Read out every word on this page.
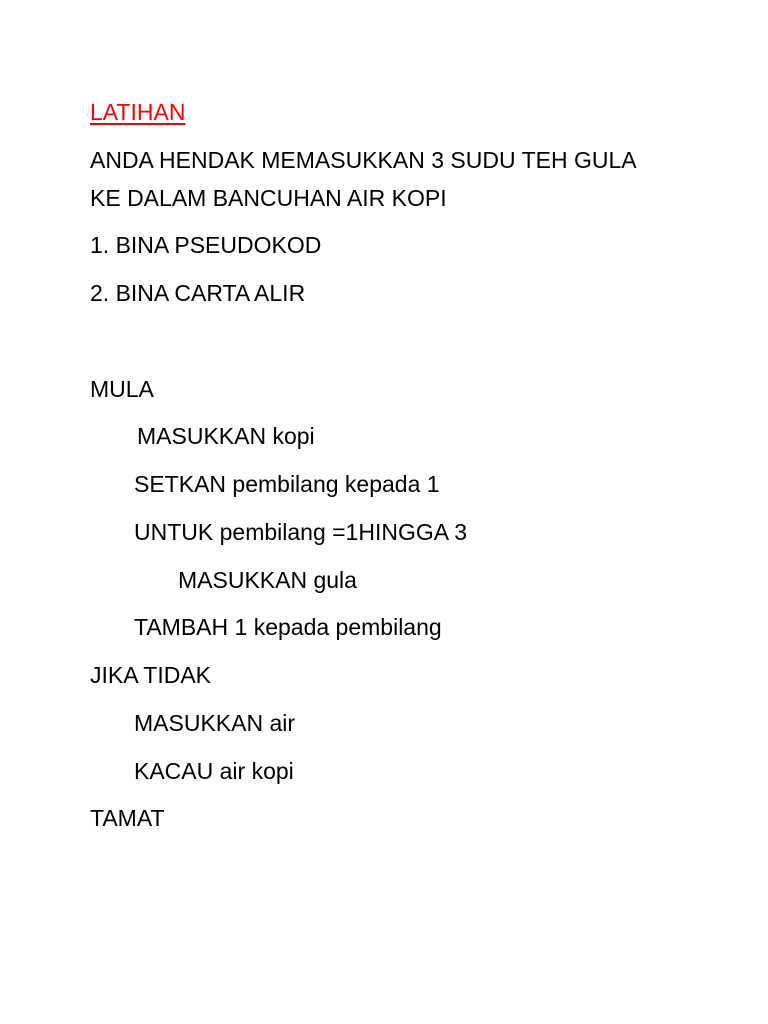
LATIHAN
ANDA HENDAK MEMASUKKAN 3 SUDU TEH GULA
KE DALAM BANCUHAN AIR KOPI
1. BINA PSEUDOKOD
2. BINA CARTA ALIR
MULA
MASUKKAN kopi
SETKAN pembilang kepada 1
UNTUK pembilang =1HINGGA 3
MASUKKAN gula
TAMBAH 1 kepada pembilang
JIKA TIDAK
MASUKKAN air
KACAU air kopi
TAMAT
